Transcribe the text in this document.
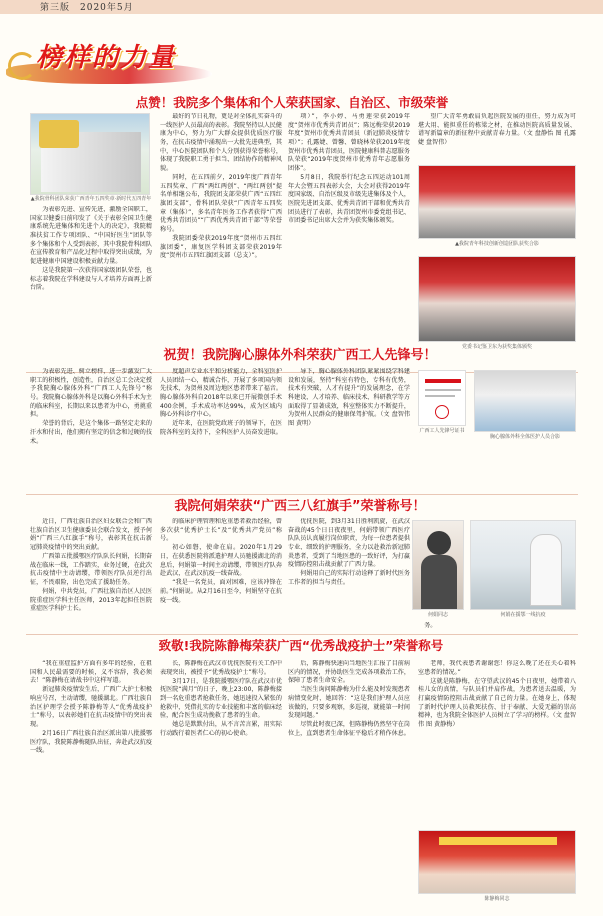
第三版　2020年5月
榜样的力量
点赞！我院多个集体和个人荣获国家、自治区、市级荣誉
▲我院骨科团队荣获广西青年五四奖章·新时代五四青年

为表彰先进、宣传先进，激励全国职工，国家卫健委日前印发了《关于表彰全国卫生健康系统先进集体和先进个人的决定》，我院精准扶贫工作专项团队、“中国好医生”团队等多个集体和个人受到表彰，其中我院骨科团队在宣传教育和产品化过程中取得突出成绩，为促进健康中国建设积极贡献力量。

这是我院第一次获得国家级团队荣誉，也标志着我院在学科建设与人才培养方面再上新台阶。

最好的节日礼物，更是对全体扎实奋斗的一线医护人员最高的表彰。我院坚持以人民健康为中心，努力为广大群众提供优质医疗服务，在抗击疫情中涌现出一大批先进典型，其中，中心医院团队和个人分别获得荣誉称号，体现了我院职工勇于担当、团结协作的精神风貌。

同时，在五四前夕，2019年度广西青年五四奖章、广西“两红两创”、“两红两创”提名单相继公布，我院团支部荣获广西“五四红旗团支部”，骨科团队荣获“广西青年五四奖章（集体）”，多名青年医务工作者获得“广西优秀共青团员”“广西优秀共青团干部”等荣誉称号。

我院团委荣获2019年度“贺州市五四红旗团委”，康复医学科团支部荣获2019年度“贺州市五四红旗团支部（总支）”。

项）”，李小婷、马勇莲荣获2019年度“贺州市优秀共青团员”；陈远梅荣获2019年度“贺州市优秀共青团员（新冠肺炎疫情专项）”；孔露婕、曾馨、曾晓林荣获2019年度贺州市优秀共青团员，医院健康科普志愿服务队荣获“2019年度贺州市优秀青年志愿服务团体”。

5月8日，我院举行纪念五四运动101周年大会暨五四表彰大会，大会对获得2019年度国家级、自治区级及市级先进集体及个人，医院先进团支部、优秀共青团干部和优秀共青团员进行了表彰，共青团贺州市委党组书记、市团委书记出席大会并为获奖集体颁奖。

望广大青年勇敢肩负起医院发展的重任，努力成为可堪大用、能担重任的栋梁之材，在推动医院高质量发展、谱写新篇章的新征程中贡献青春力量。（文 盘静怡 图 孔露婕 盘智伟）

▲我院青年科技创新创造团队获奖合影
党委书记鉴卫东为获奖集体颁奖
祝贺！我院胸心腺体外科荣获广西工人先锋号！

为表彰先进、树立榜样，进一步激发广大职工的积极性，创造性，自治区总工会决定授予我院胸心腺体外科“广西工人先锋号”称号。我院胸心腺体外科是以胸心外科手术为主的临床科室，长期以来以患者为中心，勇挑重担。

荣誉的背后，是这个集体一路坚定走来的汗水和付出，他们拥有坚定的信念和过硬的技术。

度超声专业水平和分析能力，全科室医护人员团结一心，精诚合作，开展了多项国内领先技术，为贺州及周边地区患者带来了福音。胸心腺体外科自2018年以来已开展微创手术400余例，手术成功率达99%，成为区域内胸心外科诊疗中心。

近年来，在医院党政班子的领导下，在医院各科室的支持下，全科医护人员奋发进取。

导下，胸心腺体外科团队紧紧围绕学科建设和发展，坚持“科室有特色，专科有优势，技术有突破，人才有提升”的发展理念，在学科建设、人才培养、临床技术、科研教学等方面取得了显著成效，科室整体实力不断提升，为贺州人民群众的健康保驾护航。（文 盘智伟 图 黄明）

广西工人先锋号证书
胸心腺体外科全体医护人员合影
我院何娟荣获“广西三八红旗手”荣誉称号！

近日，广西壮族自治区妇女联合会和广西壮族自治区卫生健康委员会联合发文，授予何娟“广西三八红旗手”称号，表彰其在抗击新冠肺炎疫情中的突出贡献。

广西第五批援鄂医疗队队长何娟，长期奋战在临床一线，工作踏实，业务过硬，在此次抗击疫情中主动请缨，带领医疗队员逆行出征，不畏艰险，出色完成了援助任务。

何娟，中共党员，广西壮族自治区人民医院重症医学科主任医师，2013年起担任医院重症医学科护士长。

的临床护理管理和危重患者救治经验，曾多次获“优秀护士长”及“优秀共产党员”称号。

初心如磐，使命在肩。2020年1月29日，在获悉医院将派遣护理人员驰援湖北的消息后，何娟第一时间主动请缨，带领医疗队奔赴武汉，在武汉抗疫一线奋战。

“我是一名党员，面对困难，应该冲锋在前。”何娟说。从2月16日至今，何娟坚守在抗疫一线。

优抚医院，到3月31日胜利凯旋，在武汉奋战的45个日日夜夜里，何娟带领广西医疗队队员认真履行岗位职责，为每一位患者提供专业、细致的护理服务，全力以赴救治新冠肺炎患者，受到了当地医患的一致好评，为打赢疫情防控阻击战贡献了广西力量。

何娟用自己的实际行动诠释了新时代医务工作者的担当与责任。

何娟同志	何娟在援鄂一线抗疫

务。

致敬!我院陈静梅荣获广西“优秀战疫护士”荣誉称号

“我在重症监护方面有多年的经验，在祖国和人民最需要的时候，义不容辞，我必须去！”陈静梅在请战书中这样写道。

新冠肺炎疫情发生后，广西广大护士积极响应号召，主动请缨，驰援湖北。广西壮族自治区护理学会授予陈静梅等人“优秀战疫护士”称号，以表彰她们在抗击疫情中的突出表现。

2月16日广西壮族自治区派出第八批援鄂医疗队，我院陈静梅随队出征，奔赴武汉抗疫一线。

长，陈静梅在武汉市优抚医院有关工作中表现突出，被授予“优秀战疫护士”称号。

3月17日，是我院援鄂医疗队在武汉市优抚医院“满月”的日子，晚上23:00，陈静梅接到一名危重患者抢救任务，她迅速投入紧张的抢救中，凭借扎实的专业技能和丰富的临床经验，配合医生成功挽救了患者的生命。

她总是默默付出，从不言苦言累，用实际行动践行着医者仁心的初心使命。

后，陈静梅快速向当地医生汇报了目前病区内的情况，并协助医生完成各项救治工作，保障了患者生命安全。

当医生询问陈静梅为什么能及时发现患者病情变化时，她回答：“这是我们护理人员应该做的，只要多观察，多巡视，就能第一时间发现问题。”

尽管此时夜已深，但陈静梅仍然坚守在岗位上，直到患者生命体征平稳后才稍作休息。

老师，我代表患者谢谢您！你这么晚了还在关心着科室患者的情况。”

这就是陈静梅，在守望武汉的45个日夜里，她带着八桂儿女的真情，与队员们并肩作战，为患者送去温暖，为打赢疫情防控阻击战贡献了自己的力量。在她身上，体现了新时代护理人员救死扶伤、甘于奉献、大爱无疆的崇高精神，也为我院全体医护人员树立了学习的榜样。（文 盘智伟 图 黄静梅）

陈静梅同志
